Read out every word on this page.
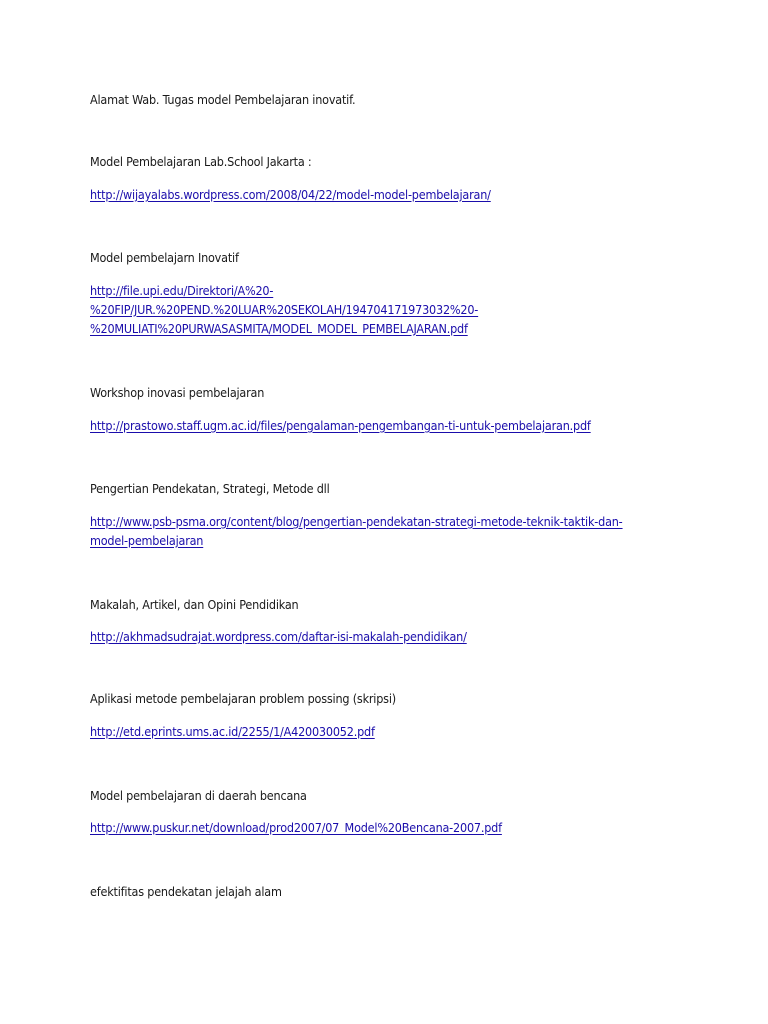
Alamat Wab. Tugas model Pembelajaran inovatif.
Model Pembelajaran Lab.School Jakarta :
http://wijayalabs.wordpress.com/2008/04/22/model-model-pembelajaran/
Model pembelajarn Inovatif
http://file.upi.edu/Direktori/A%20-
%20FIP/JUR.%20PEND.%20LUAR%20SEKOLAH/194704171973032%20-
%20MULIATI%20PURWASASMITA/MODEL_MODEL_PEMBELAJARAN.pdf
Workshop inovasi pembelajaran
http://prastowo.staff.ugm.ac.id/files/pengalaman-pengembangan-ti-untuk-pembelajaran.pdf
Pengertian Pendekatan, Strategi, Metode dll
http://www.psb-psma.org/content/blog/pengertian-pendekatan-strategi-metode-teknik-taktik-dan-
model-pembelajaran
Makalah, Artikel, dan Opini Pendidikan
http://akhmadsudrajat.wordpress.com/daftar-isi-makalah-pendidikan/
Aplikasi metode pembelajaran problem possing (skripsi)
http://etd.eprints.ums.ac.id/2255/1/A420030052.pdf
Model pembelajaran di daerah bencana
http://www.puskur.net/download/prod2007/07_Model%20Bencana-2007.pdf
efektifitas pendekatan jelajah alam
